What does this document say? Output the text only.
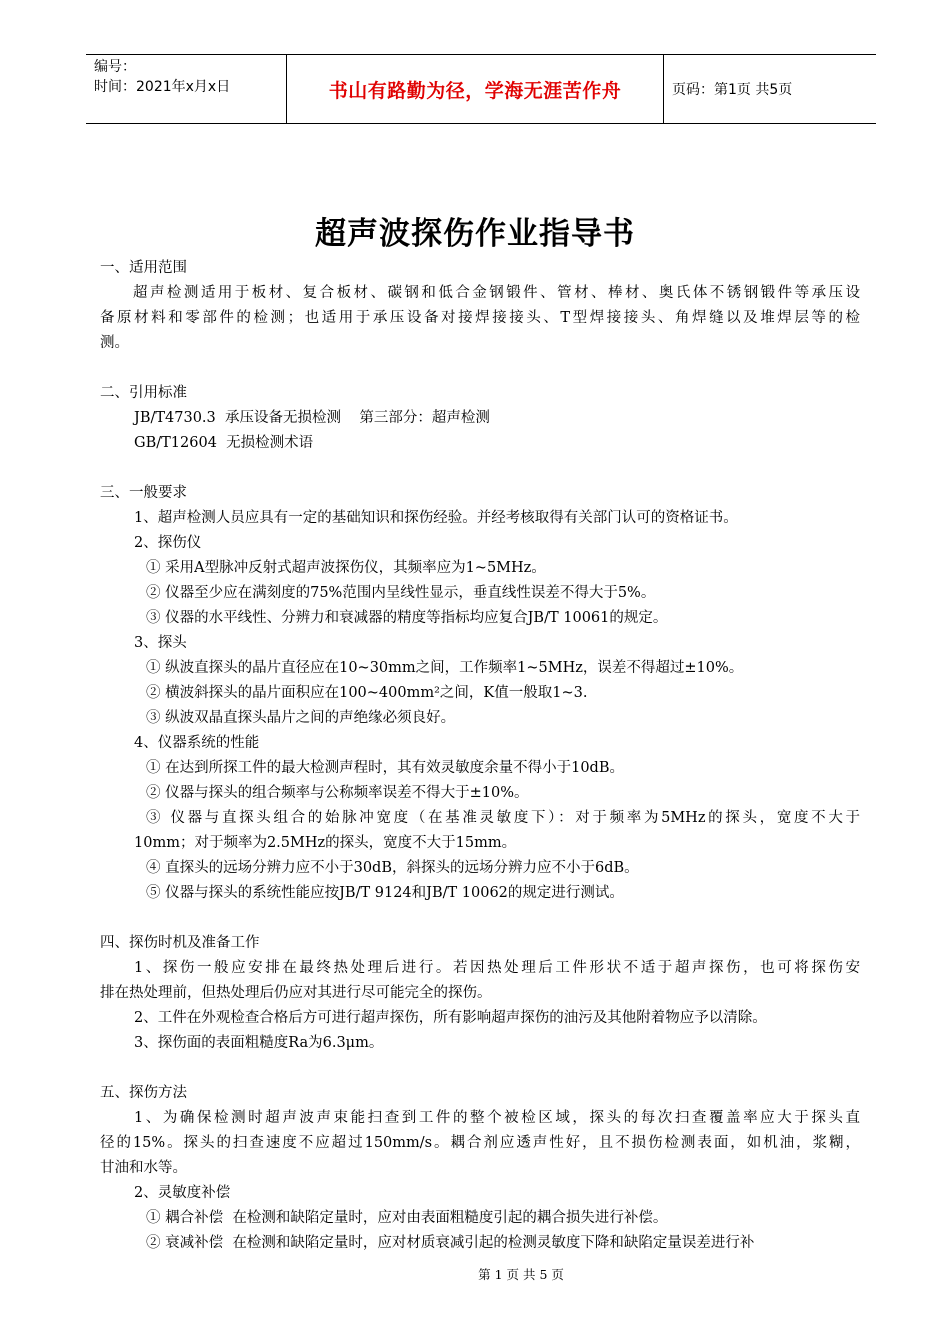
编号：
时间：2021年x月x日	书山有路勤为径，学海无涯苦作舟	页码：第1页 共5页
超声波探伤作业指导书
一、适用范围
超声检测适用于板材、复合板材、碳钢和低合金钢锻件、管材、棒材、奥氏体不锈钢锻件等承压设
备原材料和零部件的检测；也适用于承压设备对接焊接接头、T型焊接接头、角焊缝以及堆焊层等的检
测。
二、引用标准
JB/T4730.3  承压设备无损检测    第三部分：超声检测
GB/T12604  无损检测术语
三、一般要求
1、超声检测人员应具有一定的基础知识和探伤经验。并经考核取得有关部门认可的资格证书。
2、探伤仪
① 采用A型脉冲反射式超声波探伤仪，其频率应为1~5MHz。
② 仪器至少应在满刻度的75%范围内呈线性显示，垂直线性误差不得大于5%。
③ 仪器的水平线性、分辨力和衰减器的精度等指标均应复合JB/T 10061的规定。
3、探头
① 纵波直探头的晶片直径应在10~30mm之间，工作频率1~5MHz，误差不得超过±10%。
② 横波斜探头的晶片面积应在100~400mm²之间，K值一般取1~3.
③ 纵波双晶直探头晶片之间的声绝缘必须良好。
4、仪器系统的性能
① 在达到所探工件的最大检测声程时，其有效灵敏度余量不得小于10dB。
② 仪器与探头的组合频率与公称频率误差不得大于±10%。
③ 仪器与直探头组合的始脉冲宽度（在基准灵敏度下）：对于频率为5MHz的探头，宽度不大于
10mm；对于频率为2.5MHz的探头，宽度不大于15mm。
④ 直探头的远场分辨力应不小于30dB，斜探头的远场分辨力应不小于6dB。
⑤ 仪器与探头的系统性能应按JB/T 9124和JB/T 10062的规定进行测试。
四、探伤时机及准备工作
1、探伤一般应安排在最终热处理后进行。若因热处理后工件形状不适于超声探伤，也可将探伤安
排在热处理前，但热处理后仍应对其进行尽可能完全的探伤。
2、工件在外观检查合格后方可进行超声探伤，所有影响超声探伤的油污及其他附着物应予以清除。
3、探伤面的表面粗糙度Ra为6.3μm。
五、探伤方法
1、为确保检测时超声波声束能扫查到工件的整个被检区域，探头的每次扫查覆盖率应大于探头直
径的15%。探头的扫查速度不应超过150mm/s。耦合剂应透声性好，且不损伤检测表面，如机油，浆糊，
甘油和水等。
2、灵敏度补偿
① 耦合补偿  在检测和缺陷定量时，应对由表面粗糙度引起的耦合损失进行补偿。
② 衰减补偿  在检测和缺陷定量时，应对材质衰减引起的检测灵敏度下降和缺陷定量误差进行补
第 1 页 共 5 页
